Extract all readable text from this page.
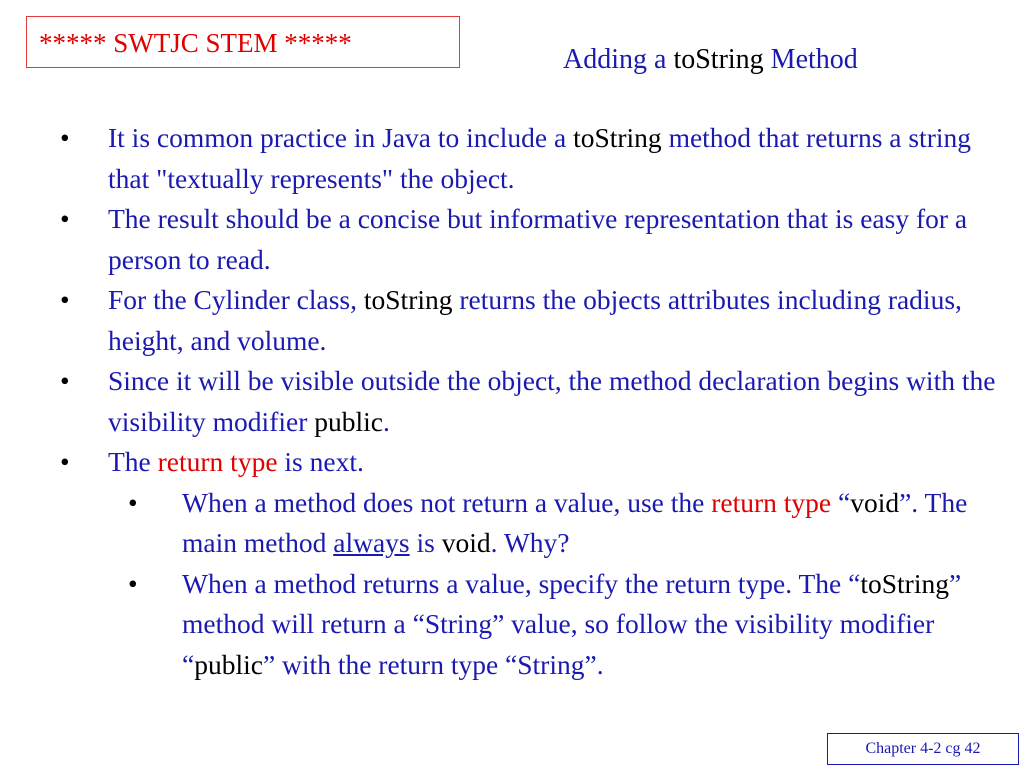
***** SWTJC STEM *****
Adding a toString Method
• It is common practice in Java to include a toString method that returns a string that "textually represents" the object.
• The result should be a concise but informative representation that is easy for a person to read.
• For the Cylinder class, toString returns the objects attributes including radius, height, and volume.
• Since it will be visible outside the object, the method declaration begins with the visibility modifier public.
• The return type is next.
• When a method does not return a value, use the return type “void”. The main method always is void. Why?
• When a method returns a value, specify the return type. The “toString” method will return a “String” value, so follow the visibility modifier “public” with the return type “String”.
Chapter 4-2 cg 42
